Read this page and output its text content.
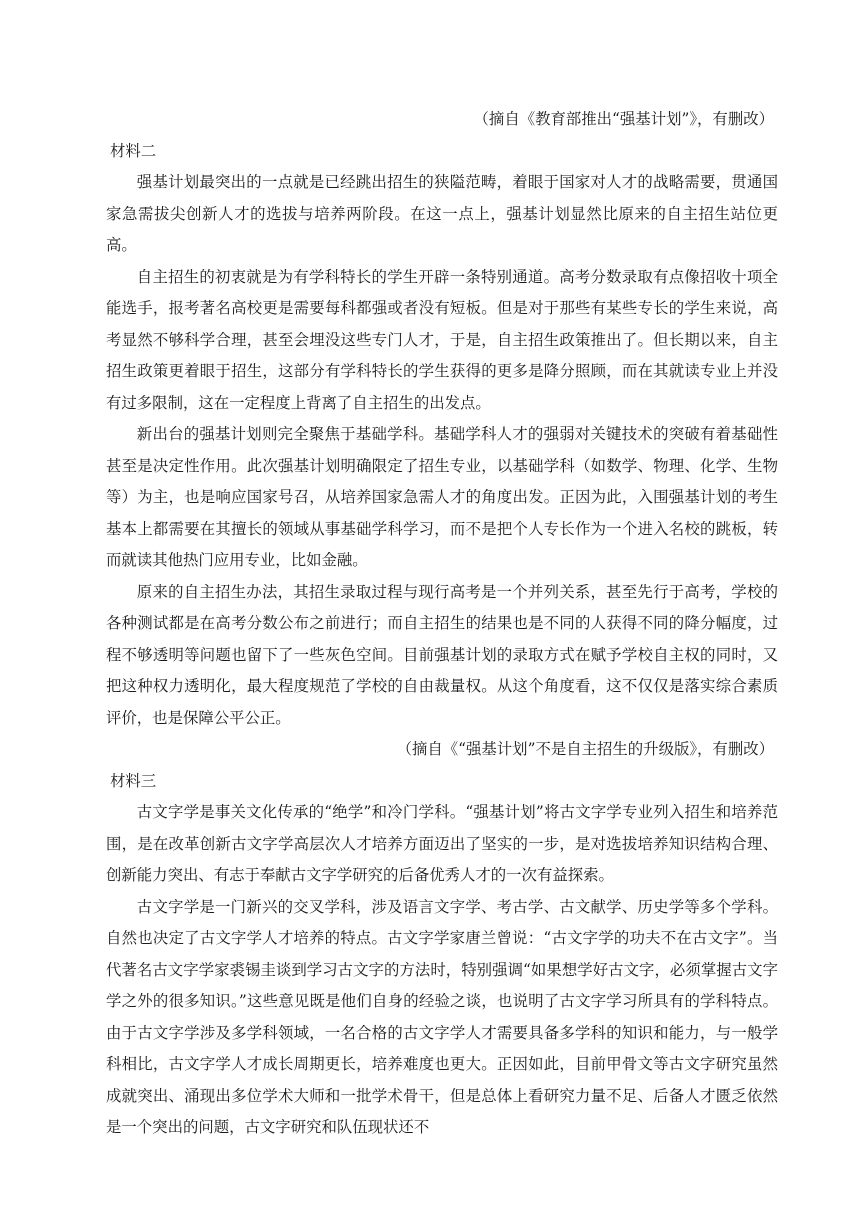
（摘自《教育部推出“强基计划”》，有删改）

材料二

强基计划最突出的一点就是已经跳出招生的狭隘范畴，着眼于国家对人才的战略需要，贯通国家急需拔尖创新人才的选拔与培养两阶段。在这一点上，强基计划显然比原来的自主招生站位更高。

自主招生的初衷就是为有学科特长的学生开辟一条特别通道。高考分数录取有点像招收十项全能选手，报考著名高校更是需要每科都强或者没有短板。但是对于那些有某些专长的学生来说，高考显然不够科学合理，甚至会埋没这些专门人才，于是，自主招生政策推出了。但长期以来，自主招生政策更着眼于招生，这部分有学科特长的学生获得的更多是降分照顾，而在其就读专业上并没有过多限制，这在一定程度上背离了自主招生的出发点。

新出台的强基计划则完全聚焦于基础学科。基础学科人才的强弱对关键技术的突破有着基础性甚至是决定性作用。此次强基计划明确限定了招生专业，以基础学科（如数学、物理、化学、生物等）为主，也是响应国家号召，从培养国家急需人才的角度出发。正因为此，入围强基计划的考生基本上都需要在其擅长的领域从事基础学科学习，而不是把个人专长作为一个进入名校的跳板，转而就读其他热门应用专业，比如金融。

原来的自主招生办法，其招生录取过程与现行高考是一个并列关系，甚至先行于高考，学校的各种测试都是在高考分数公布之前进行；而自主招生的结果也是不同的人获得不同的降分幅度，过程不够透明等问题也留下了一些灰色空间。目前强基计划的录取方式在赋予学校自主权的同时，又把这种权力透明化，最大程度规范了学校的自由裁量权。从这个角度看，这不仅仅是落实综合素质评价，也是保障公平公正。

（摘自《“强基计划”不是自主招生的升级版》，有删改）

材料三

古文字学是事关文化传承的“绝学”和冷门学科。“强基计划”将古文字学专业列入招生和培养范围，是在改革创新古文字学高层次人才培养方面迈出了坚实的一步，是对选拔培养知识结构合理、创新能力突出、有志于奉献古文字学研究的后备优秀人才的一次有益探索。

古文字学是一门新兴的交叉学科，涉及语言文字学、考古学、古文献学、历史学等多个学科。自然也决定了古文字学人才培养的特点。古文字学家唐兰曾说：“古文字学的功夫不在古文字”。当代著名古文字学家裘锡圭谈到学习古文字的方法时，特别强调“如果想学好古文字，必须掌握古文字学之外的很多知识。”这些意见既是他们自身的经验之谈，也说明了古文字学习所具有的学科特点。由于古文字学涉及多学科领域，一名合格的古文字学人才需要具备多学科的知识和能力，与一般学科相比，古文字学人才成长周期更长，培养难度也更大。正因如此，目前甲骨文等古文字研究虽然成就突出、涌现出多位学术大师和一批学术骨干，但是总体上看研究力量不足、后备人才匮乏依然是一个突出的问题，古文字研究和队伍现状还不
